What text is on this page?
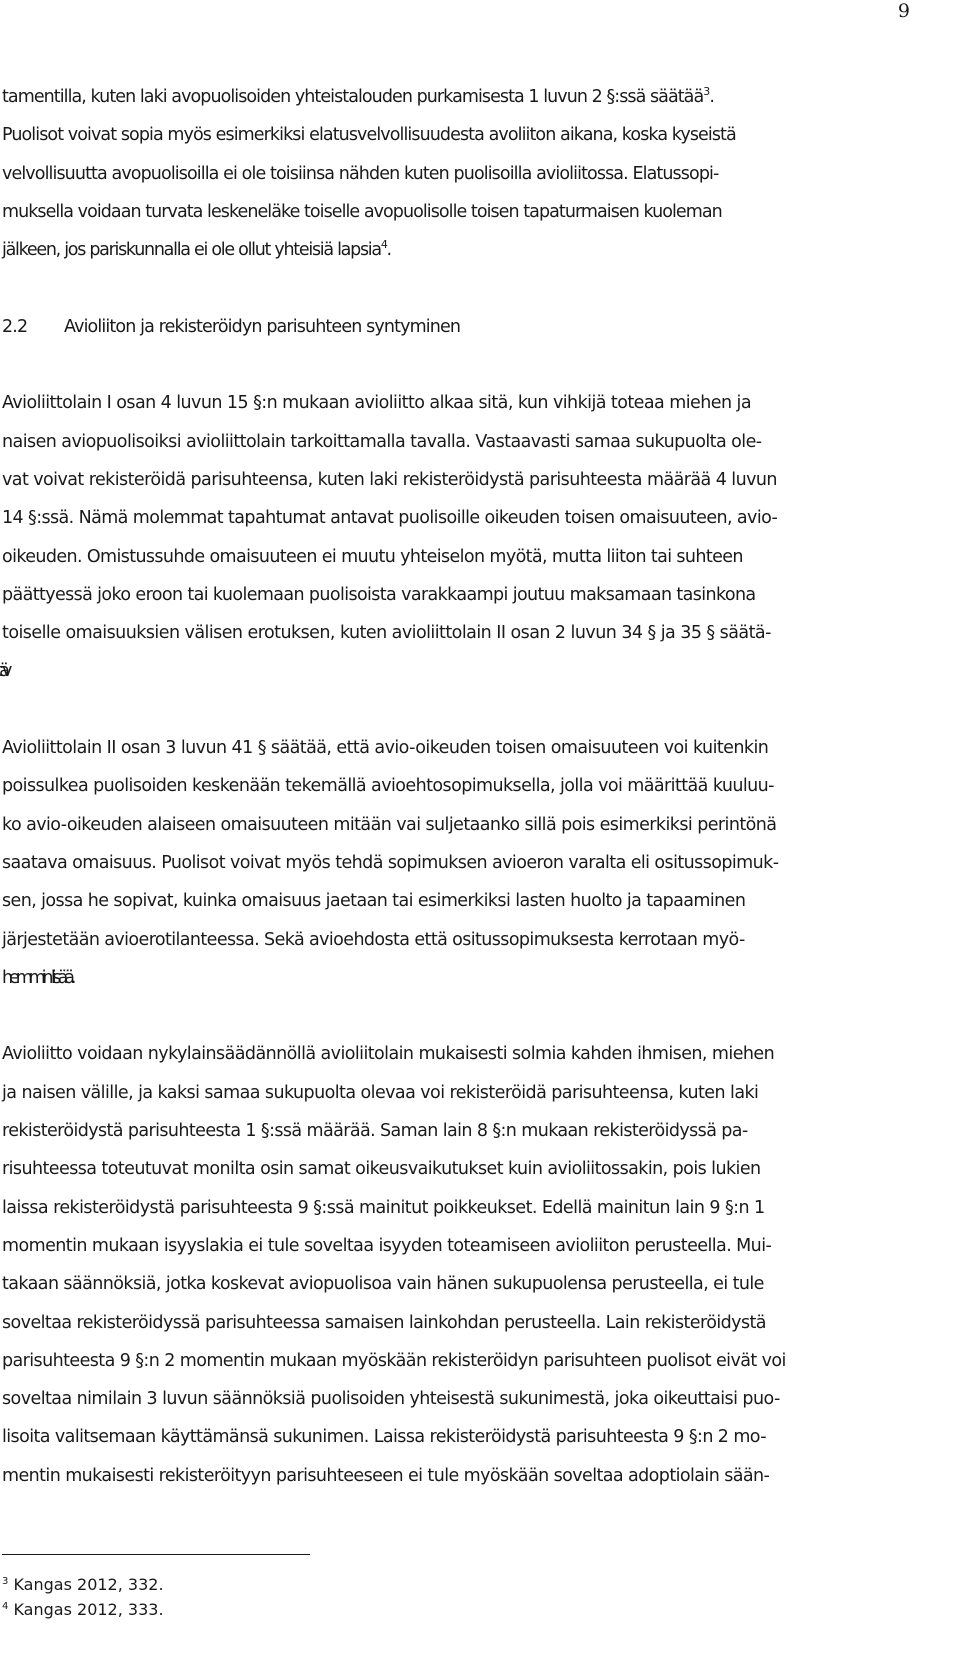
9
tamentilla, kuten laki avopuolisoiden yhteistalouden purkamisesta 1 luvun 2 §:ssä säätää$^3$.
Puolisot voivat sopia myös esimerkiksi elatusvelvollisuudesta avoliiton aikana, koska kyseistä
velvollisuutta avopuolisoilla ei ole toisiinsa nähden kuten puolisoilla avioliitossa. Elatussopi-
muksella voidaan turvata leskeneläke toiselle avopuolisolle toisen tapaturmaisen kuoleman
jälkeen, jos pariskunnalla ei ole ollut yhteisiä lapsia$^4$.
2.2 Avioliiton ja rekisteröidyn parisuhteen syntyminen
Avioliittolain I osan 4 luvun 15 §:n mukaan avioliitto alkaa sitä, kun vihkijä toteaa miehen ja
naisen aviopuolisoiksi avioliittolain tarkoittamalla tavalla. Vastaavasti samaa sukupuolta ole-
vat voivat rekisteröidä parisuhteensa, kuten laki rekisteröidystä parisuhteesta määrää 4 luvun
14 §:ssä. Nämä molemmat tapahtumat antavat puolisoille oikeuden toisen omaisuuteen, avio-
oikeuden. Omistussuhde omaisuuteen ei muutu yhteiselon myötä, mutta liiton tai suhteen
päättyessä joko eroon tai kuolemaan puolisoista varakkaampi joutuu maksamaan tasinkona
toiselle omaisuuksien välisen erotuksen, kuten avioliittolain II osan 2 luvun 34 § ja 35 § säätä-
Avioliittolain II osan 3 luvun 41 § säätää, että avio-oikeuden toisen omaisuuteen voi kuitenkin
poissulkea puolisoiden keskenään tekemällä avioehtosopimuksella, jolla voi määrittää kuuluu-
ko avio-oikeuden alaiseen omaisuuteen mitään vai suljetaanko sillä pois esimerkiksi perintönä
saatava omaisuus. Puolisot voivat myös tehdä sopimuksen avioeron varalta eli ositussopimuk-
sen, jossa he sopivat, kuinka omaisuus jaetaan tai esimerkiksi lasten huolto ja tapaaminen
järjestetään avioerotilanteessa. Sekä avioehdosta että ositussopimuksesta kerrotaan myö-
hemmin lisää.
Avioliitto voidaan nykylainsäädännöllä avioliitolain mukaisesti solmia kahden ihmisen, miehen
ja naisen välille, ja kaksi samaa sukupuolta olevaa voi rekisteröidä parisuhteensa, kuten laki
rekisteröidystä parisuhteesta 1 §:ssä määrää. Saman lain 8 §:n mukaan rekisteröidyssä pa-
risuhteessa toteutuvat monilta osin samat oikeusvaikutukset kuin avioliitossakin, pois lukien
laissa rekisteröidystä parisuhteesta 9 §:ssä mainitut poikkeukset. Edellä mainitun lain 9 §:n 1
momentin mukaan isyyslakia ei tule soveltaa isyyden toteamiseen avioliiton perusteella. Mui-
takaan säännöksiä, jotka koskevat aviopuolisoa vain hänen sukupuolensa perusteella, ei tule
soveltaa rekisteröidyssä parisuhteessa samaisen lainkohdan perusteella. Lain rekisteröidystä
parisuhteesta 9 §:n 2 momentin mukaan myöskään rekisteröidyn parisuhteen puolisot eivät voi
soveltaa nimilain 3 luvun säännöksiä puolisoiden yhteisestä sukunimestä, joka oikeuttaisi puo-
lisoita valitsemaan käyttämänsä sukunimen. Laissa rekisteröidystä parisuhteesta 9 §:n 2 mo-
mentin mukaisesti rekisteröityyn parisuhteeseen ei tule myöskään soveltaa adoptiolain sään-
$^3$ Kangas 2012, 332.
$^4$ Kangas 2012, 333.
